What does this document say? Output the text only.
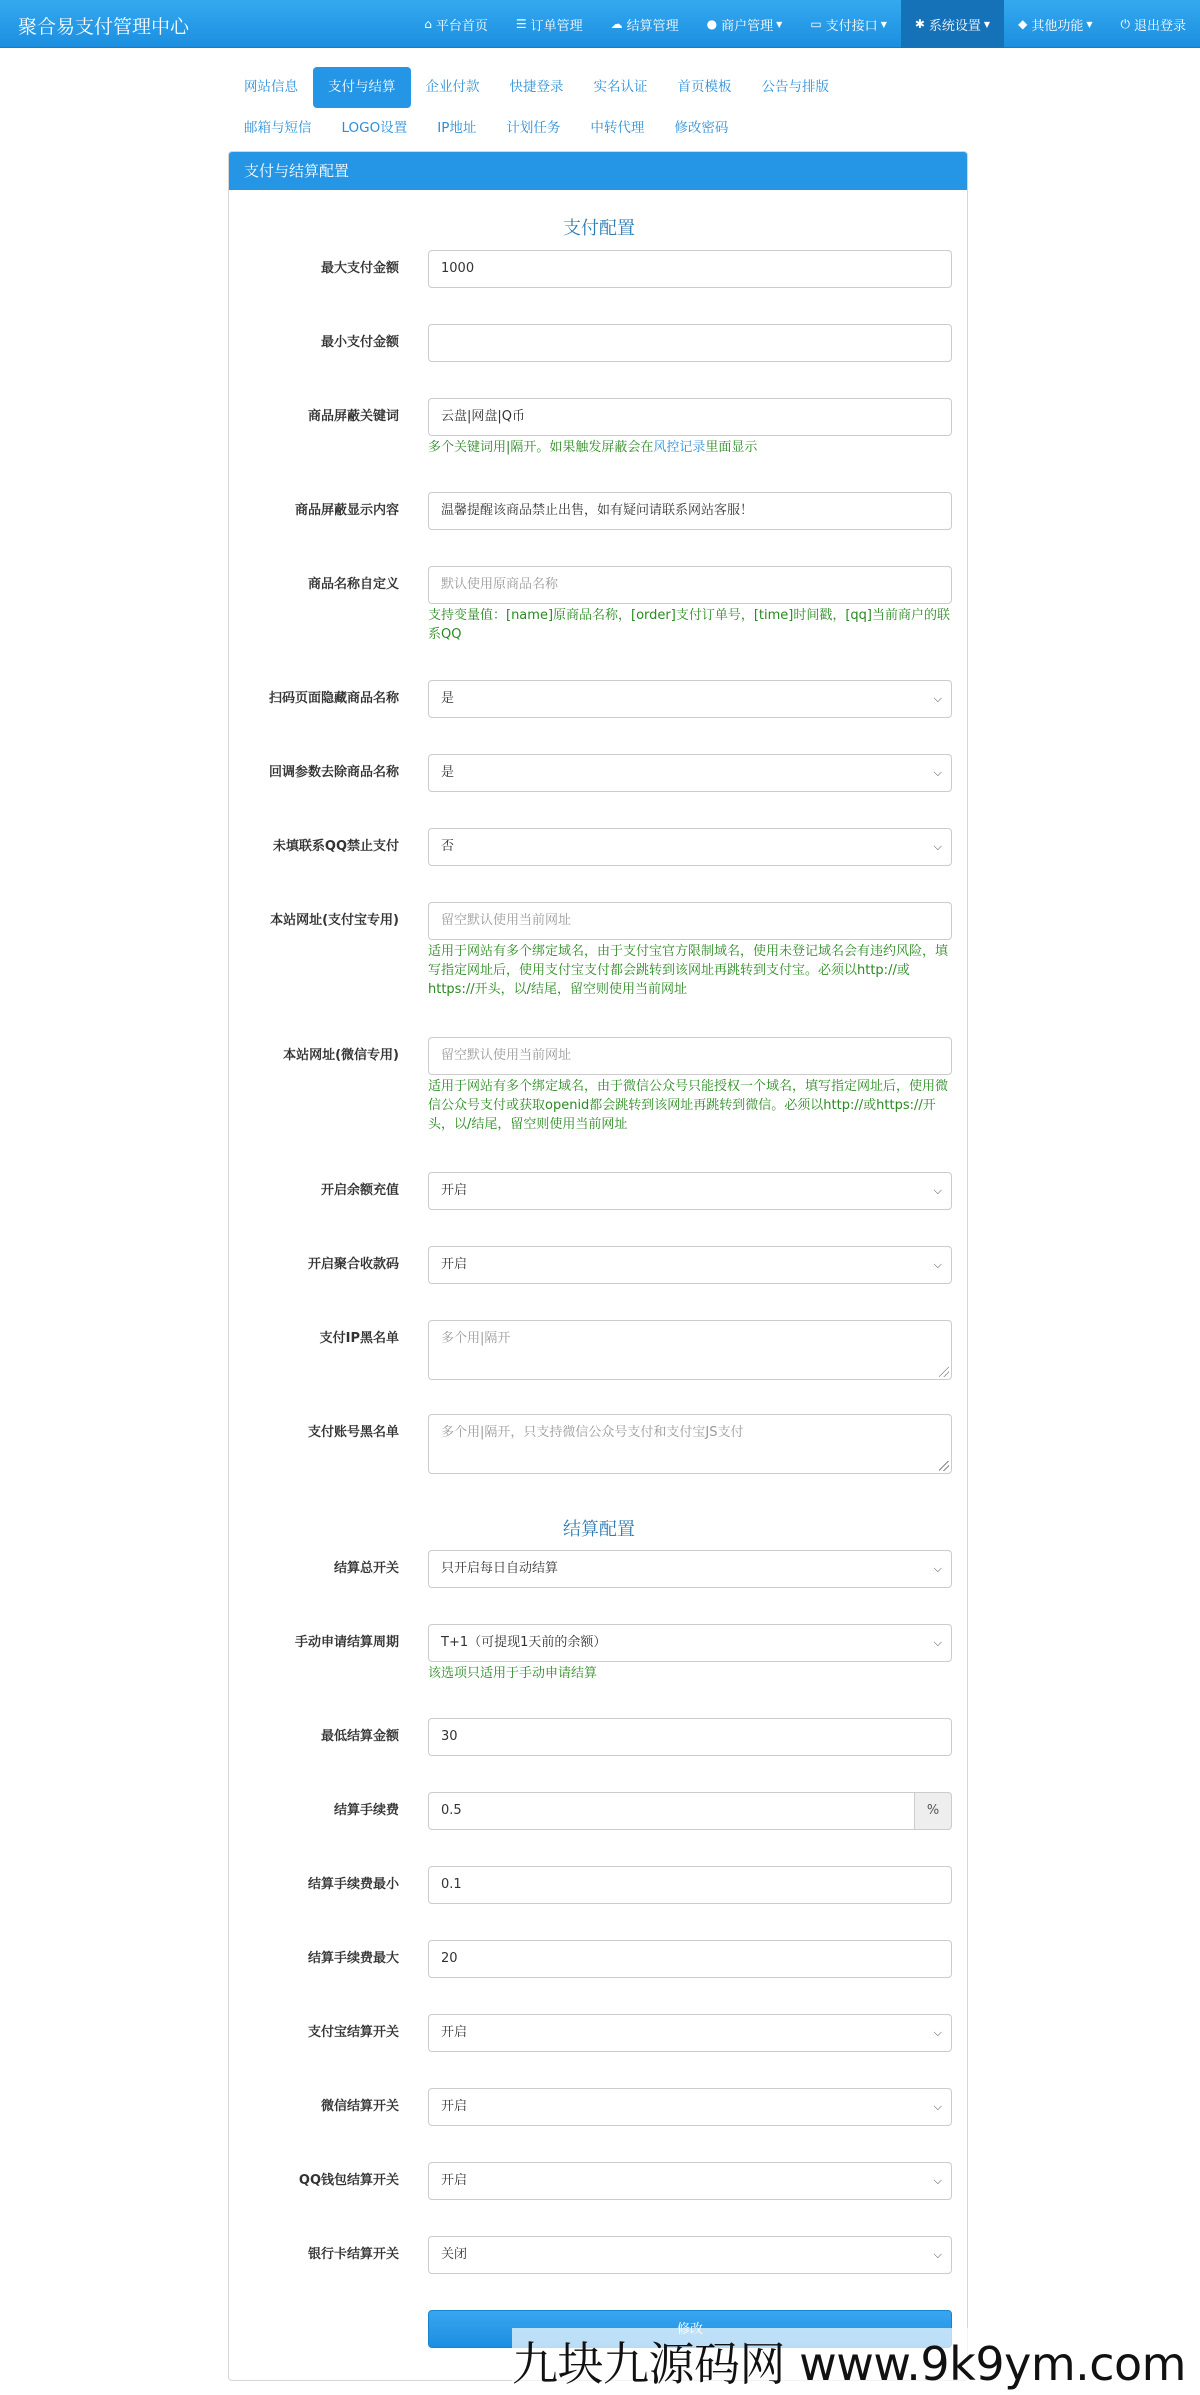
聚合易支付管理中心	⌂ 平台首页 ☰ 订单管理 ☁ 结算管理 ● 商户管理 ▼ ▭ 支付接口 ▼ ✱ 系统设置 ▼ ◆ 其他功能 ▼ ⏻ 退出登录
网站信息	支付与结算	企业付款	快捷登录	实名认证	首页模板	公告与排版
邮箱与短信	LOGO设置	IP地址	计划任务	中转代理	修改密码
支付与结算配置
支付配置
最大支付金额	1000
最小支付金额
商品屏蔽关键词	云盘|网盘|Q币
多个关键词用|隔开。如果触发屏蔽会在风控记录里面显示
商品屏蔽显示内容	温馨提醒该商品禁止出售，如有疑问请联系网站客服！
商品名称自定义	默认使用原商品名称
支持变量值：[name]原商品名称，[order]支付订单号，[time]时间戳，[qq]当前商户的联系QQ
扫码页面隐藏商品名称	是	⌵
回调参数去除商品名称	是	⌵
未填联系QQ禁止支付	否	⌵
本站网址(支付宝专用)	留空默认使用当前网址
适用于网站有多个绑定域名，由于支付宝官方限制域名，使用未登记域名会有违约风险，填写指定网址后，使用支付宝支付都会跳转到该网址再跳转到支付宝。必须以http://或https://开头，以/结尾，留空则使用当前网址
本站网址(微信专用)	留空默认使用当前网址
适用于网站有多个绑定域名，由于微信公众号只能授权一个域名，填写指定网址后，使用微信公众号支付或获取openid都会跳转到该网址再跳转到微信。必须以http://或https://开头，以/结尾，留空则使用当前网址
开启余额充值	开启	⌵
开启聚合收款码	开启	⌵
支付IP黑名单	多个用|隔开
支付账号黑名单	多个用|隔开，只支持微信公众号支付和支付宝JS支付
结算配置
结算总开关	只开启每日自动结算	⌵
手动申请结算周期	T+1（可提现1天前的余额）	⌵
该选项只适用于手动申请结算
最低结算金额	30
结算手续费	0.5	%
结算手续费最小	0.1
结算手续费最大	20
支付宝结算开关	开启	⌵
微信结算开关	开启	⌵
QQ钱包结算开关	开启	⌵
银行卡结算开关	关闭	⌵
九块九源码网 www.9k9ym.com
